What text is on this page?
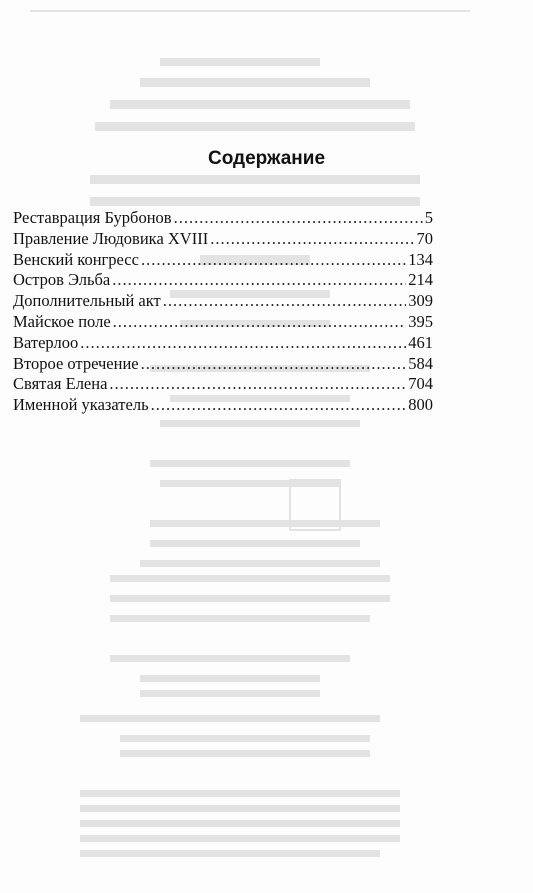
Содержание
Реставрация Бурбонов .....	5
Правление Людовика XVIII .....	70
Венский конгресс .....	134
Остров Эльба .....	214
Дополнительный акт .....	309
Майское поле .....	395
Ватерлоо .....	461
Второе отречение .....	584
Святая Елена .....	704
Именной указатель .....	800
